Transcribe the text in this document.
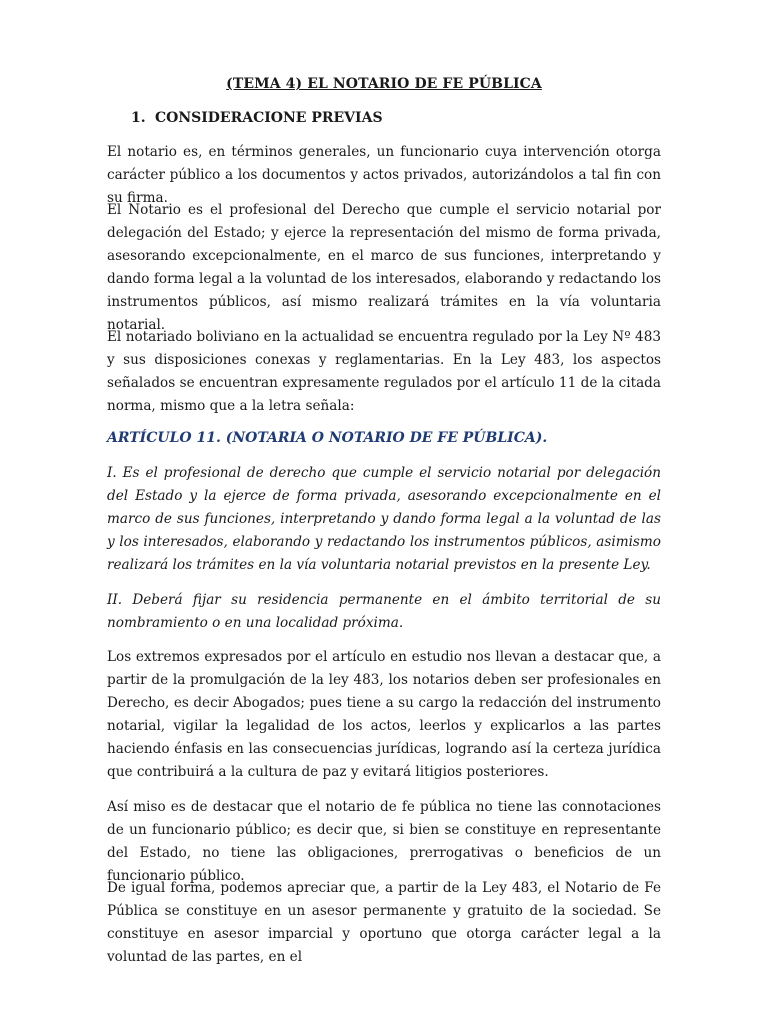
(TEMA 4) EL NOTARIO DE FE PÚBLICA
1. CONSIDERACIONE PREVIAS

El notario es, en términos generales, un funcionario cuya intervención otorga carácter público a los documentos y actos privados, autorizándolos a tal fin con su firma.

El Notario es el profesional del Derecho que cumple el servicio notarial por delegación del Estado; y ejerce la representación del mismo de forma privada, asesorando excepcionalmente, en el marco de sus funciones, interpretando y dando forma legal a la voluntad de los interesados, elaborando y redactando los instrumentos públicos, así mismo realizará trámites en la vía voluntaria notarial.

El notariado boliviano en la actualidad se encuentra regulado por la Ley Nº 483 y sus disposiciones conexas y reglamentarias. En la Ley 483, los aspectos señalados se encuentran expresamente regulados por el artículo 11 de la citada norma, mismo que a la letra señala:

ARTÍCULO 11. (NOTARIA O NOTARIO DE FE PÚBLICA).

I. Es el profesional de derecho que cumple el servicio notarial por delegación del Estado y la ejerce de forma privada, asesorando excepcionalmente en el marco de sus funciones, interpretando y dando forma legal a la voluntad de las y los interesados, elaborando y redactando los instrumentos públicos, asimismo realizará los trámites en la vía voluntaria notarial previstos en la presente Ley.

II. Deberá fijar su residencia permanente en el ámbito territorial de su nombramiento o en una localidad próxima.

Los extremos expresados por el artículo en estudio nos llevan a destacar que, a partir de la promulgación de la ley 483, los notarios deben ser profesionales en Derecho, es decir Abogados; pues tiene a su cargo la redacción del instrumento notarial, vigilar la legalidad de los actos, leerlos y explicarlos a las partes haciendo énfasis en las consecuencias jurídicas, logrando así la certeza jurídica que contribuirá a la cultura de paz y evitará litigios posteriores.

Así miso es de destacar que el notario de fe pública no tiene las connotaciones de un funcionario público; es decir que, si bien se constituye en representante del Estado, no tiene las obligaciones, prerrogativas o beneficios de un funcionario público.

De igual forma, podemos apreciar que, a partir de la Ley 483, el Notario de Fe Pública se constituye en un asesor permanente y gratuito de la sociedad. Se constituye en asesor imparcial y oportuno que otorga carácter legal a la voluntad de las partes, en el
